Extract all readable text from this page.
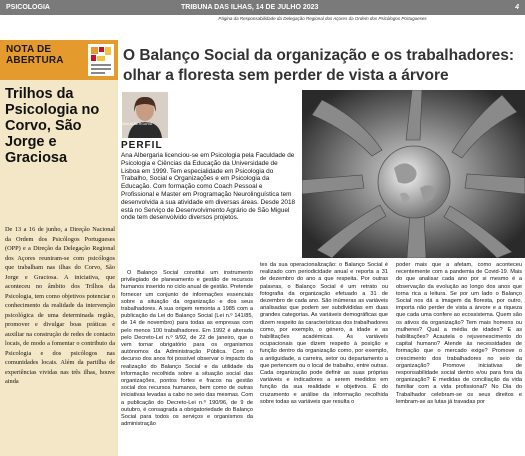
PSICOLOGIA	TRIBUNA DAS ILHAS, 14 DE JULHO 2023	4
Página da Responsabilidade da Delegação Regional dos Açores da Ordem dos Psicólogos Portugueses
NOTA DE
ABERTURA
Trilhos da Psicologia no Corvo, São Jorge e Graciosa
De 13 a 16 de junho, a Direção Nacional da Ordem dos Psicólogos Portugueses (OPP) e a Direção da Delegação Regional dos Açores reuniram-se com psicólogos que trabalham nas ilhas do Corvo, São Jorge e Graciosa. A iniciativa, que aconteceu no âmbito dos Trilhos da Psicologia, tem como objetivos potenciar o conhecimento da realidade da intervenção psicológica de uma determinada região, promover e divulgar boas práticas e auxiliar na construção de redes de contacto locais, de modo a fomentar o contributo da Psicologia e dos psicólogos nas comunidades locais. Além da partilha de experiências vividas nas três ilhas, houve ainda
O Balanço Social da organização e os trabalhadores: olhar a floresta sem perder de vista a árvore
ANA ALBERGARIA
PERFIL
Ana Albergaria licenciou-se em Psicologia pela Faculdade de Psicologia e Ciências da Educação da Universidade de Lisboa em 1999. Tem especialidade em Psicologia do Trabalho, Social e Organizações e em Psicologia da Educação. Com formação como Coach Pessoal e Profissional e Master em Programação Neurolinguística tem desenvolvida a sua atividade em diversas áreas. Desde 2018 está no Serviço de Desenvolvimento Agrário de São Miguel onde tem desenvolvido diversos projetos.

O Balanço Social constitui um instrumento privilegiado de planeamento e gestão de recursos humanos inserido no ciclo anual de gestão. Pretende fornecer um conjunto de informações essenciais sobre a situação da organização e dos seus trabalhadores. A sua origem remonta a 1985 com a publicação da Lei do Balanço Social (Lei n.º 141/85, de 14 de novembro) para todas as empresas com pelo menos 100 trabalhadores. Em 1992 é alterada pelo Decreto-Lei n.º 9/92, de 22 de janeiro, que o vem tornar obrigatório para os organismos autónomos da Administração Pública. Com o decurso dos anos foi possível observar o impacto da realização do Balanço Social e da utilidade da informação recolhida sobre a situação social das organizações, pontos fortes e fracos na gestão social dos recursos humanos, bem como de outras iniciativas levadas a cabo no seio das mesmas. Com a publicação do Decreto-Lei n.º 190/96, de 9 de outubro, é consagrada a obrigatoriedade do Balanço Social para todos os serviços e organismos da administração

tes da sua operacionalização: o Balanço Social é realizado com periodicidade anual e reporta a 31 de dezembro do ano a que respeita. Por outras palavras, o Balanço Social é um retrato ou fotografia da organização efetuado a 31 de dezembro de cada ano. São inúmeras as variáveis analisadas que podem ser subdivididas em duas grandes categorias. As variáveis demográficas que dizem respeito às características dos trabalhadores como, por exemplo, o género, a idade e as habilitações académicas. As variáveis ocupacionais que dizem respeito à posição e função dentro da organização como, por exemplo, a antiguidade, a carreira, setor ou departamento a que pertencem ou o local de trabalho, entre outras. Cada organização pode definir as suas próprias variáveis e indicadores a serem medidos em função da sua realidade e objetivos. É do cruzamento e análise da informação recolhida sobre todas as variáveis que resulta o

poder mais que a afetam, como aconteceu recentemente com a pandemia de Covid-19. Mais do que analisar cada ano por si mesmo é a observação da evolução ao longo dos anos que torna rica a leitura. Se por um lado o Balanço Social nos dá a imagem da floresta, por outro, importa não perder de vista a árvore e a riqueza que cada uma confere ao ecossistema. Quem são os ativos da organização? Tem mais homens ou mulheres? Qual a média de idades? E as habilitações? Acautela o rejuvenescimento do capital humano? Atende às necessidades de formação que o mercado exige? Promove o crescimento dos trabalhadores no seio da organização? Promove iniciativas de responsabilidade social dentro e/ou para fora da organização? E medidas de conciliação da vida familiar com a vida profissional? No Dia do Trabalhador celebram-se os seus direitos e lembram-se as lutas já travadas por
